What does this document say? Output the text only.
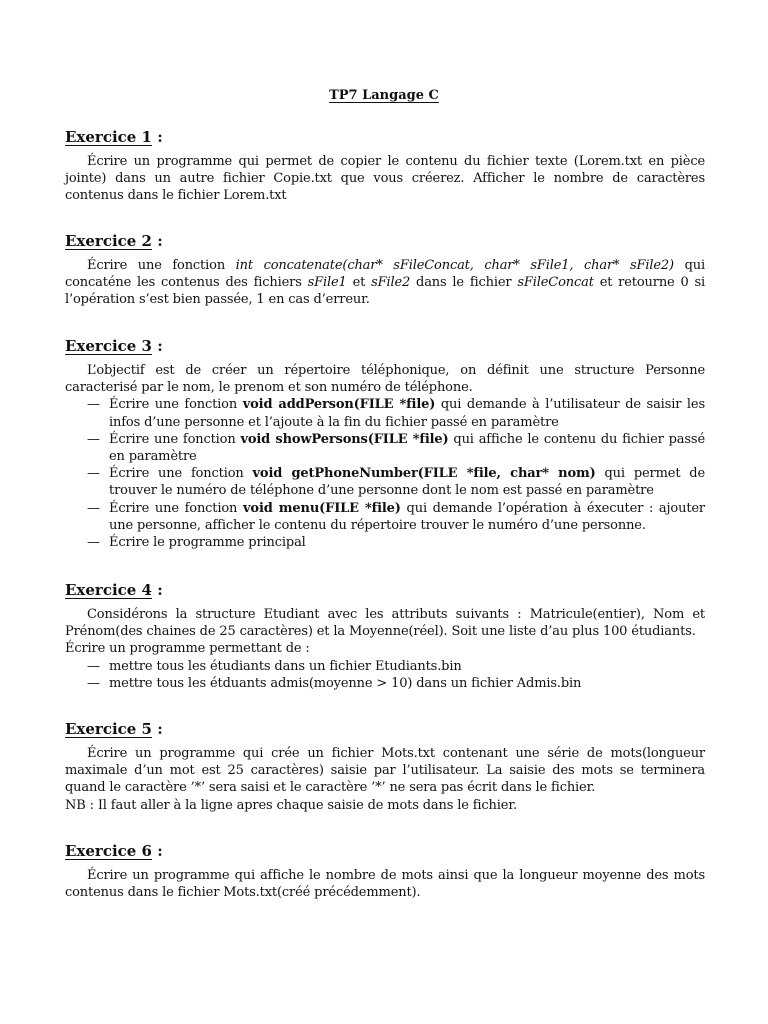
TP7 Langage C
Exercice 1 :

Écrire un programme qui permet de copier le contenu du fichier texte (Lorem.txt en pièce jointe) dans un autre fichier Copie.txt que vous créerez. Afficher le nombre de caractères contenus dans le fichier Lorem.txt

Exercice 2 :

Écrire une fonction int concatenate(char* sFileConcat, char* sFile1, char* sFile2) qui concaténe les contenus des fichiers sFile1 et sFile2 dans le fichier sFileConcat et retourne 0 si l’opération s’est bien passée, 1 en cas d’erreur.

Exercice 3 :

L’objectif est de créer un répertoire téléphonique, on définit une structure Personne caracterisé par le nom, le prenom et son numéro de téléphone.

— Écrire une fonction void addPerson(FILE *file) qui demande à l’utilisateur de saisir les infos d’une personne et l’ajoute à la fin du fichier passé en paramètre
— Écrire une fonction void showPersons(FILE *file) qui affiche le contenu du fichier passé en paramètre
— Écrire une fonction void getPhoneNumber(FILE *file, char* nom) qui permet de trouver le numéro de téléphone d’une personne dont le nom est passé en paramètre
— Écrire une fonction void menu(FILE *file) qui demande l’opération à éxecuter : ajouter une personne, afficher le contenu du répertoire trouver le numéro d’une personne.
— Écrire le programme principal
Exercice 4 :

Considérons la structure Etudiant avec les attributs suivants : Matricule(entier), Nom et Prénom(des chaines de 25 caractères) et la Moyenne(réel). Soit une liste d’au plus 100 étudiants.

Écrire un programme permettant de :

— mettre tous les étudiants dans un fichier Etudiants.bin
— mettre tous les étduants admis(moyenne > 10) dans un fichier Admis.bin
Exercice 5 :

Écrire un programme qui crée un fichier Mots.txt contenant une série de mots(longueur maximale d’un mot est 25 caractères) saisie par l’utilisateur. La saisie des mots se terminera quand le caractère ’*’ sera saisi et le caractère ’*’ ne sera pas écrit dans le fichier.

NB : Il faut aller à la ligne apres chaque saisie de mots dans le fichier.

Exercice 6 :

Écrire un programme qui affiche le nombre de mots ainsi que la longueur moyenne des mots contenus dans le fichier Mots.txt(créé précédemment).
